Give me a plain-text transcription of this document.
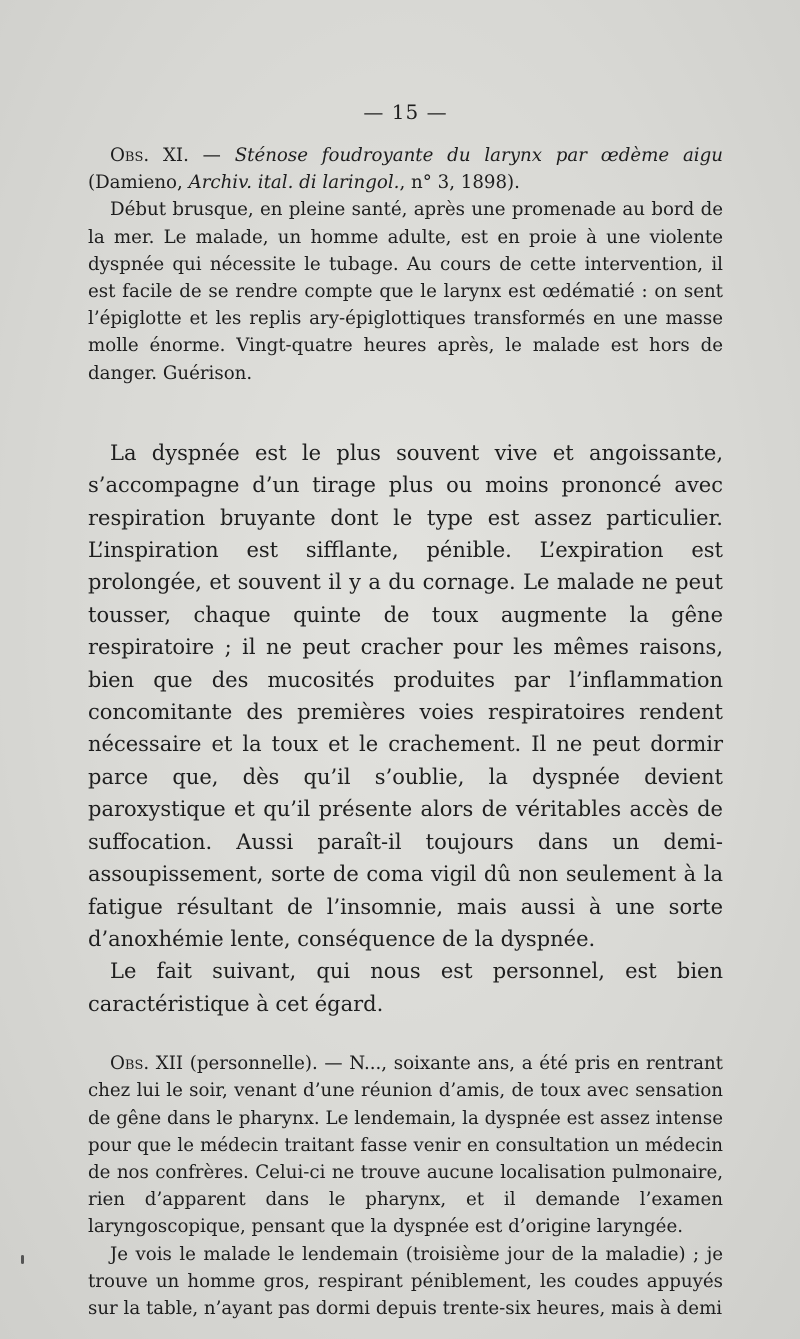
— 15 —

Obs. XI. — Sténose foudroyante du larynx par œdème aigu (Damieno, Archiv. ital. di laringol., n° 3, 1898).

Début brusque, en pleine santé, après une promenade au bord de la mer. Le malade, un homme adulte, est en proie à une violente dyspnée qui nécessite le tubage. Au cours de cette intervention, il est facile de se rendre compte que le larynx est œdématié : on sent l’épiglotte et les replis ary-épiglottiques transformés en une masse molle énorme. Vingt-quatre heures après, le malade est hors de danger. Guérison.

La dyspnée est le plus souvent vive et angoissante, s’accompagne d’un tirage plus ou moins prononcé avec respiration bruyante dont le type est assez particulier. L’inspiration est sifflante, pénible. L’expiration est prolongée, et souvent il y a du cornage. Le malade ne peut tousser, chaque quinte de toux augmente la gêne respiratoire ; il ne peut cracher pour les mêmes raisons, bien que des mucosités produites par l’inflammation concomitante des premières voies respiratoires rendent nécessaire et la toux et le crachement. Il ne peut dormir parce que, dès qu’il s’oublie, la dyspnée devient paroxystique et qu’il présente alors de véritables accès de suffocation. Aussi paraît-il toujours dans un demi-assoupissement, sorte de coma vigil dû non seulement à la fatigue résultant de l’insomnie, mais aussi à une sorte d’anoxhémie lente, conséquence de la dyspnée.

Le fait suivant, qui nous est personnel, est bien caractéristique à cet égard.

Obs. XII (personnelle). — N..., soixante ans, a été pris en rentrant chez lui le soir, venant d’une réunion d’amis, de toux avec sensation de gêne dans le pharynx. Le lendemain, la dyspnée est assez intense pour que le médecin traitant fasse venir en consultation un médecin de nos confrères. Celui-ci ne trouve aucune localisation pulmonaire, rien d’apparent dans le pharynx, et il demande l’examen laryngoscopique, pensant que la dyspnée est d’origine laryngée.

Je vois le malade le lendemain (troisième jour de la maladie) ; je trouve un homme gros, respirant péniblement, les coudes appuyés sur la table, n’ayant pas dormi depuis trente-six heures, mais à demi
